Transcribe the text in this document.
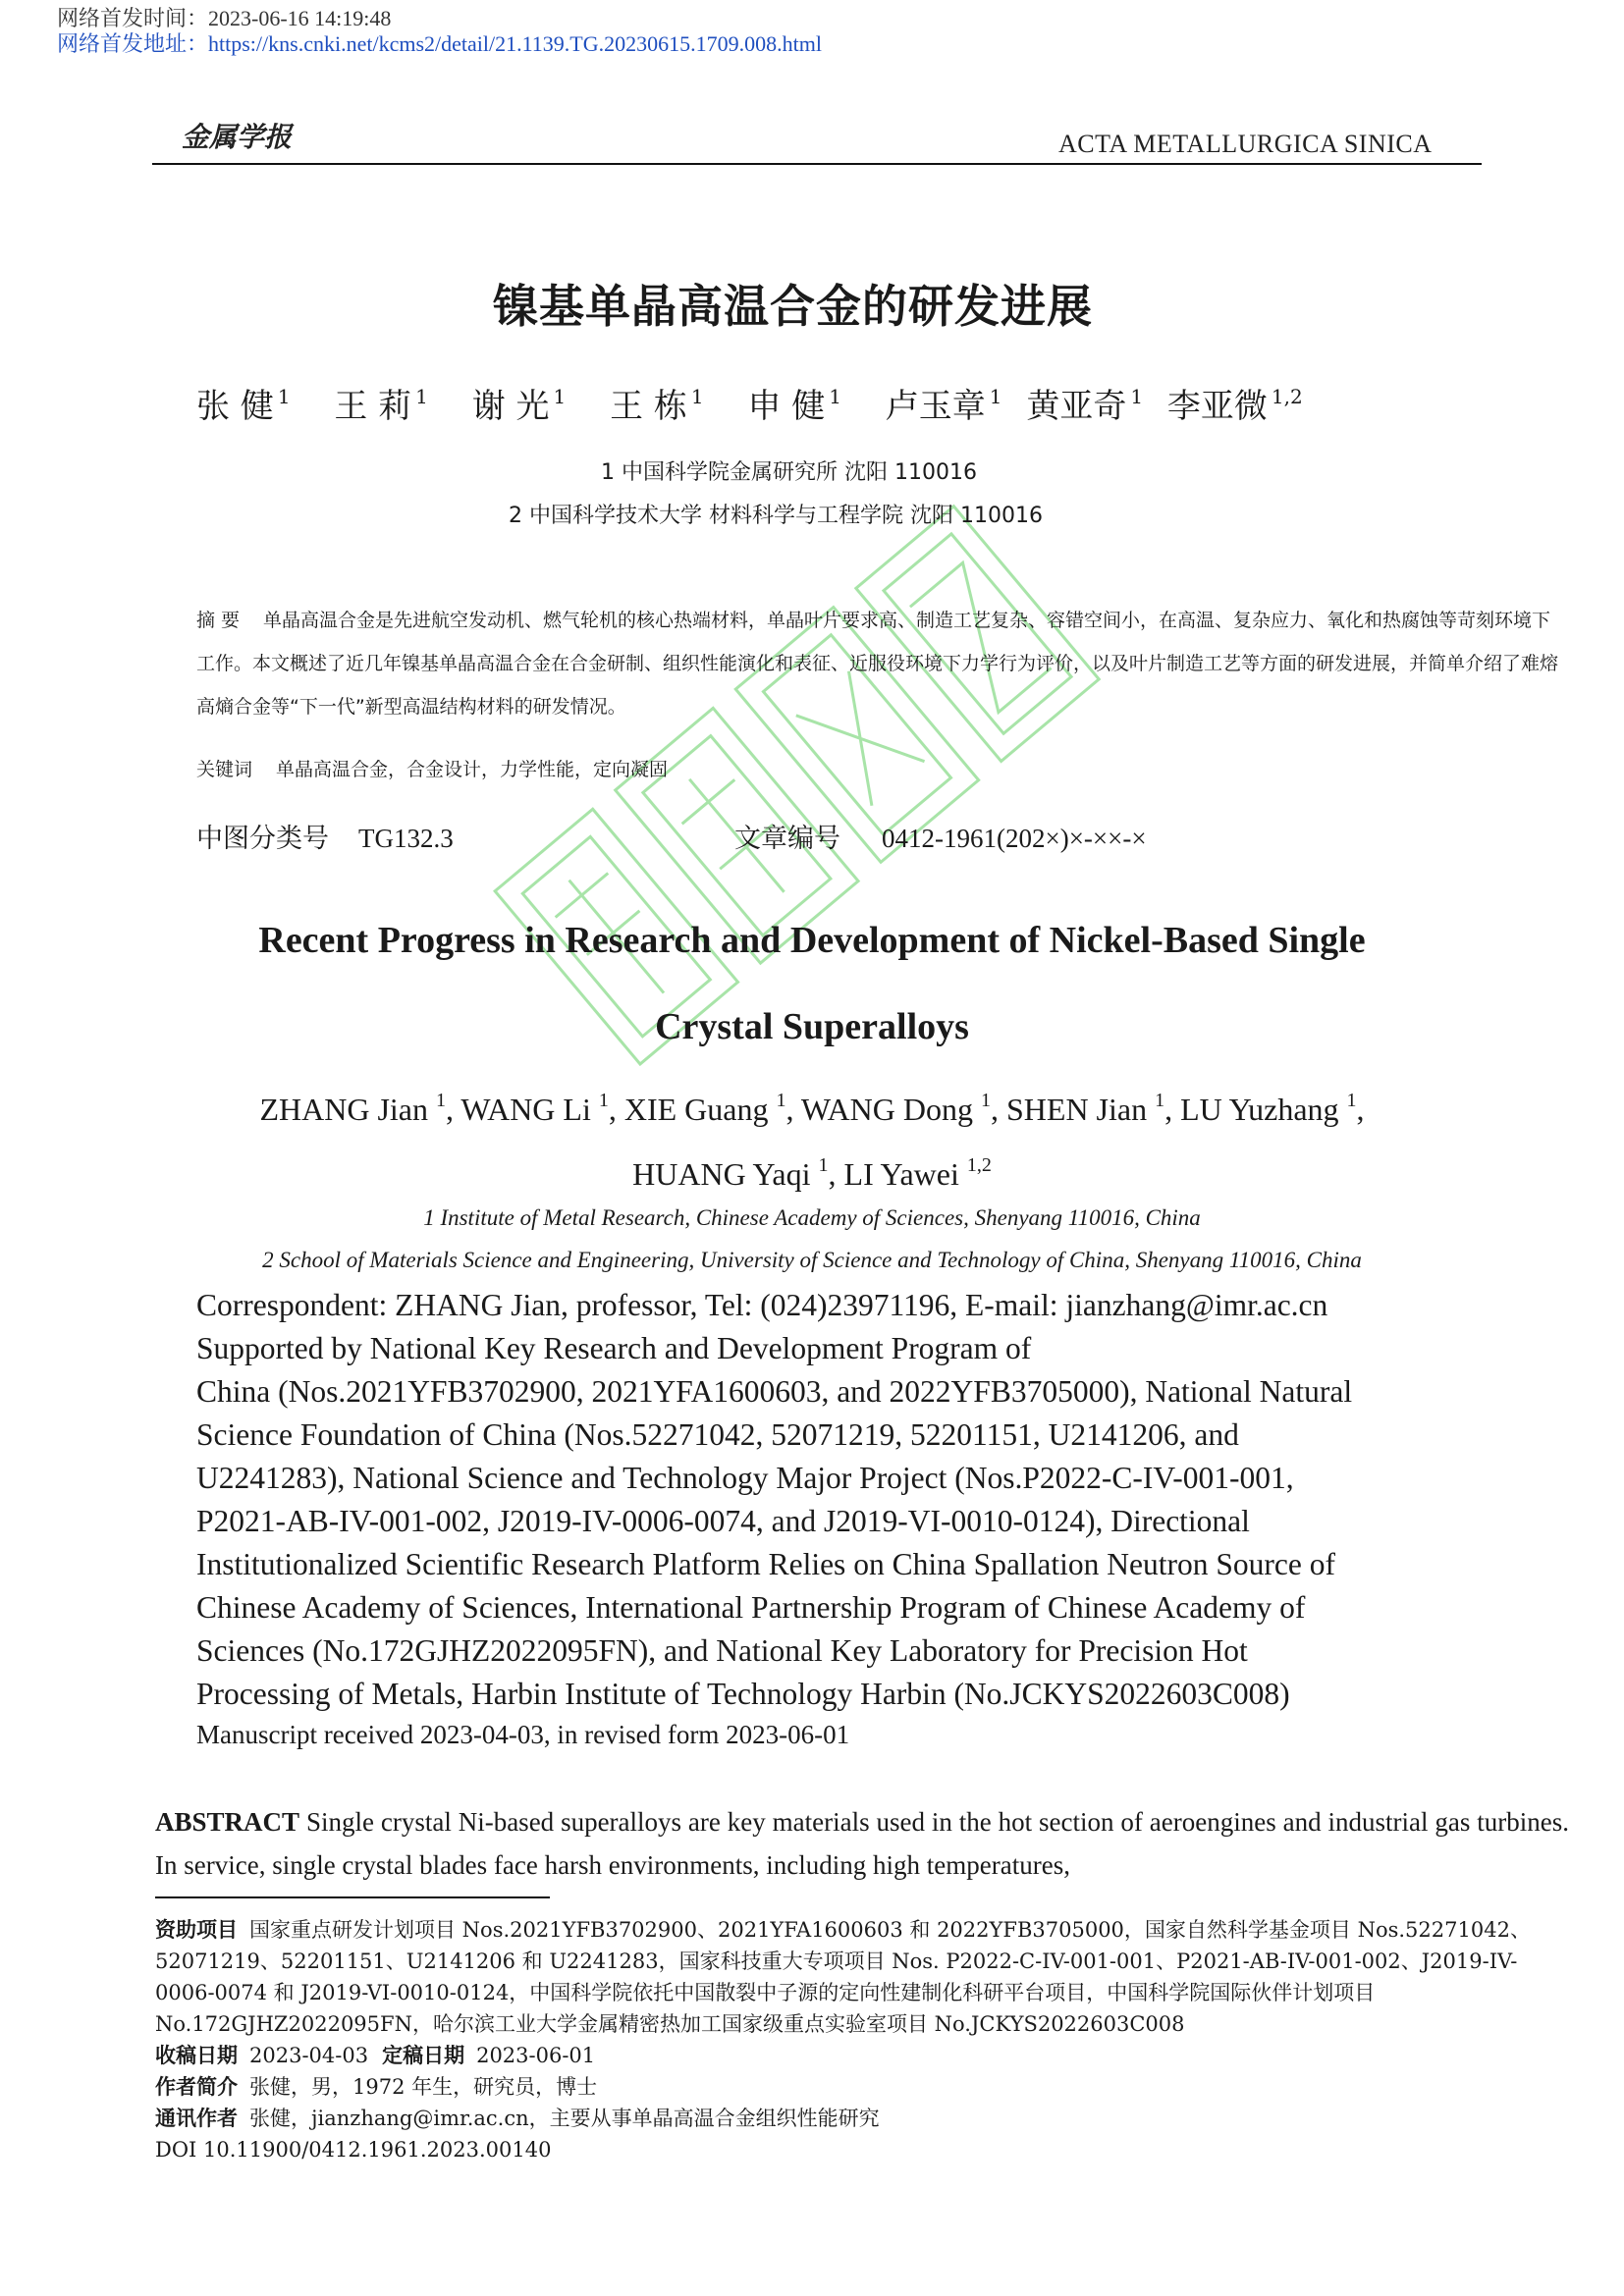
网络首发时间：2023-06-16 14:19:48
网络首发地址：https://kns.cnki.net/kcms2/detail/21.1139.TG.20230615.1709.008.html
金属学报	ACTA METALLURGICA SINICA
镍基单晶高温合金的研发进展
张 健 $^1$ 王 莉 $^1$ 谢 光 $^1$ 王 栋 $^1$ 申 健 $^1$ 卢玉章 $^1$ 黄亚奇 $^1$ 李亚微 $^{1,2}$
1 中国科学院金属研究所 沈阳 110016
2 中国科学技术大学 材料科学与工程学院 沈阳 110016
摘 要 单晶高温合金是先进航空发动机、燃气轮机的核心热端材料，单晶叶片要求高、制造工艺复杂、容错空间小，在高温、复杂应力、氧化和热腐蚀等苛刻环境下工作。本文概述了近几年镍基单晶高温合金在合金研制、组织性能演化和表征、近服役环境下力学行为评价，以及叶片制造工艺等方面的研发进展，并简单介绍了难熔高熵合金等“下一代”新型高温结构材料的研发情况。
关键词 单晶高温合金，合金设计，力学性能，定向凝固
中图分类号 TG132.3	文章编号 0412-1961(202×)×-××-×
Recent Progress in Research and Development of Nickel-Based Single
Crystal Superalloys
ZHANG Jian $^1$, WANG Li $^1$, XIE Guang $^1$, WANG Dong $^1$, SHEN Jian $^1$, LU Yuzhang $^1$,
HUANG Yaqi $^1$, LI Yawei $^{1,2}$
1 Institute of Metal Research, Chinese Academy of Sciences, Shenyang 110016, China
2 School of Materials Science and Engineering, University of Science and Technology of China, Shenyang 110016, China
Correspondent: ZHANG Jian, professor, Tel: (024)23971196, E-mail: jianzhang@imr.ac.cn
Supported by National Key Research and Development Program of
China (Nos.2021YFB3702900, 2021YFA1600603, and 2022YFB3705000), National Natural
Science Foundation of China (Nos.52271042, 52071219, 52201151, U2141206, and
U2241283), National Science and Technology Major Project (Nos.P2022-C-IV-001-001,
P2021-AB-IV-001-002, J2019-IV-0006-0074, and J2019-VI-0010-0124), Directional
Institutionalized Scientific Research Platform Relies on China Spallation Neutron Source of
Chinese Academy of Sciences, International Partnership Program of Chinese Academy of
Sciences (No.172GJHZ2022095FN), and National Key Laboratory for Precision Hot
Processing of Metals, Harbin Institute of Technology Harbin (No.JCKYS2022603C008)
Manuscript received 2023-04-03, in revised form 2023-06-01
ABSTRACT Single crystal Ni-based superalloys are key materials used in the hot section of aeroengines and industrial gas turbines. In service, single crystal blades face harsh environments, including high temperatures,
资助项目 国家重点研发计划项目 Nos.2021YFB3702900、2021YFA1600603 和 2022YFB3705000，国家自然科学基金项目 Nos.52271042、52071219、52201151、U2141206 和 U2241283，国家科技重大专项项目 Nos. P2022-C-IV-001-001、P2021-AB-IV-001-002、J2019-IV-0006-0074 和 J2019-VI-0010-0124，中国科学院依托中国散裂中子源的定向性建制化科研平台项目，中国科学院国际伙伴计划项目 No.172GJHZ2022095FN，哈尔滨工业大学金属精密热加工国家级重点实验室项目 No.JCKYS2022603C008
收稿日期 2023-04-03 定稿日期 2023-06-01
作者简介 张健，男，1972 年生，研究员，博士
通讯作者 张健，jianzhang@imr.ac.cn，主要从事单晶高温合金组织性能研究
DOI 10.11900/0412.1961.2023.00140
